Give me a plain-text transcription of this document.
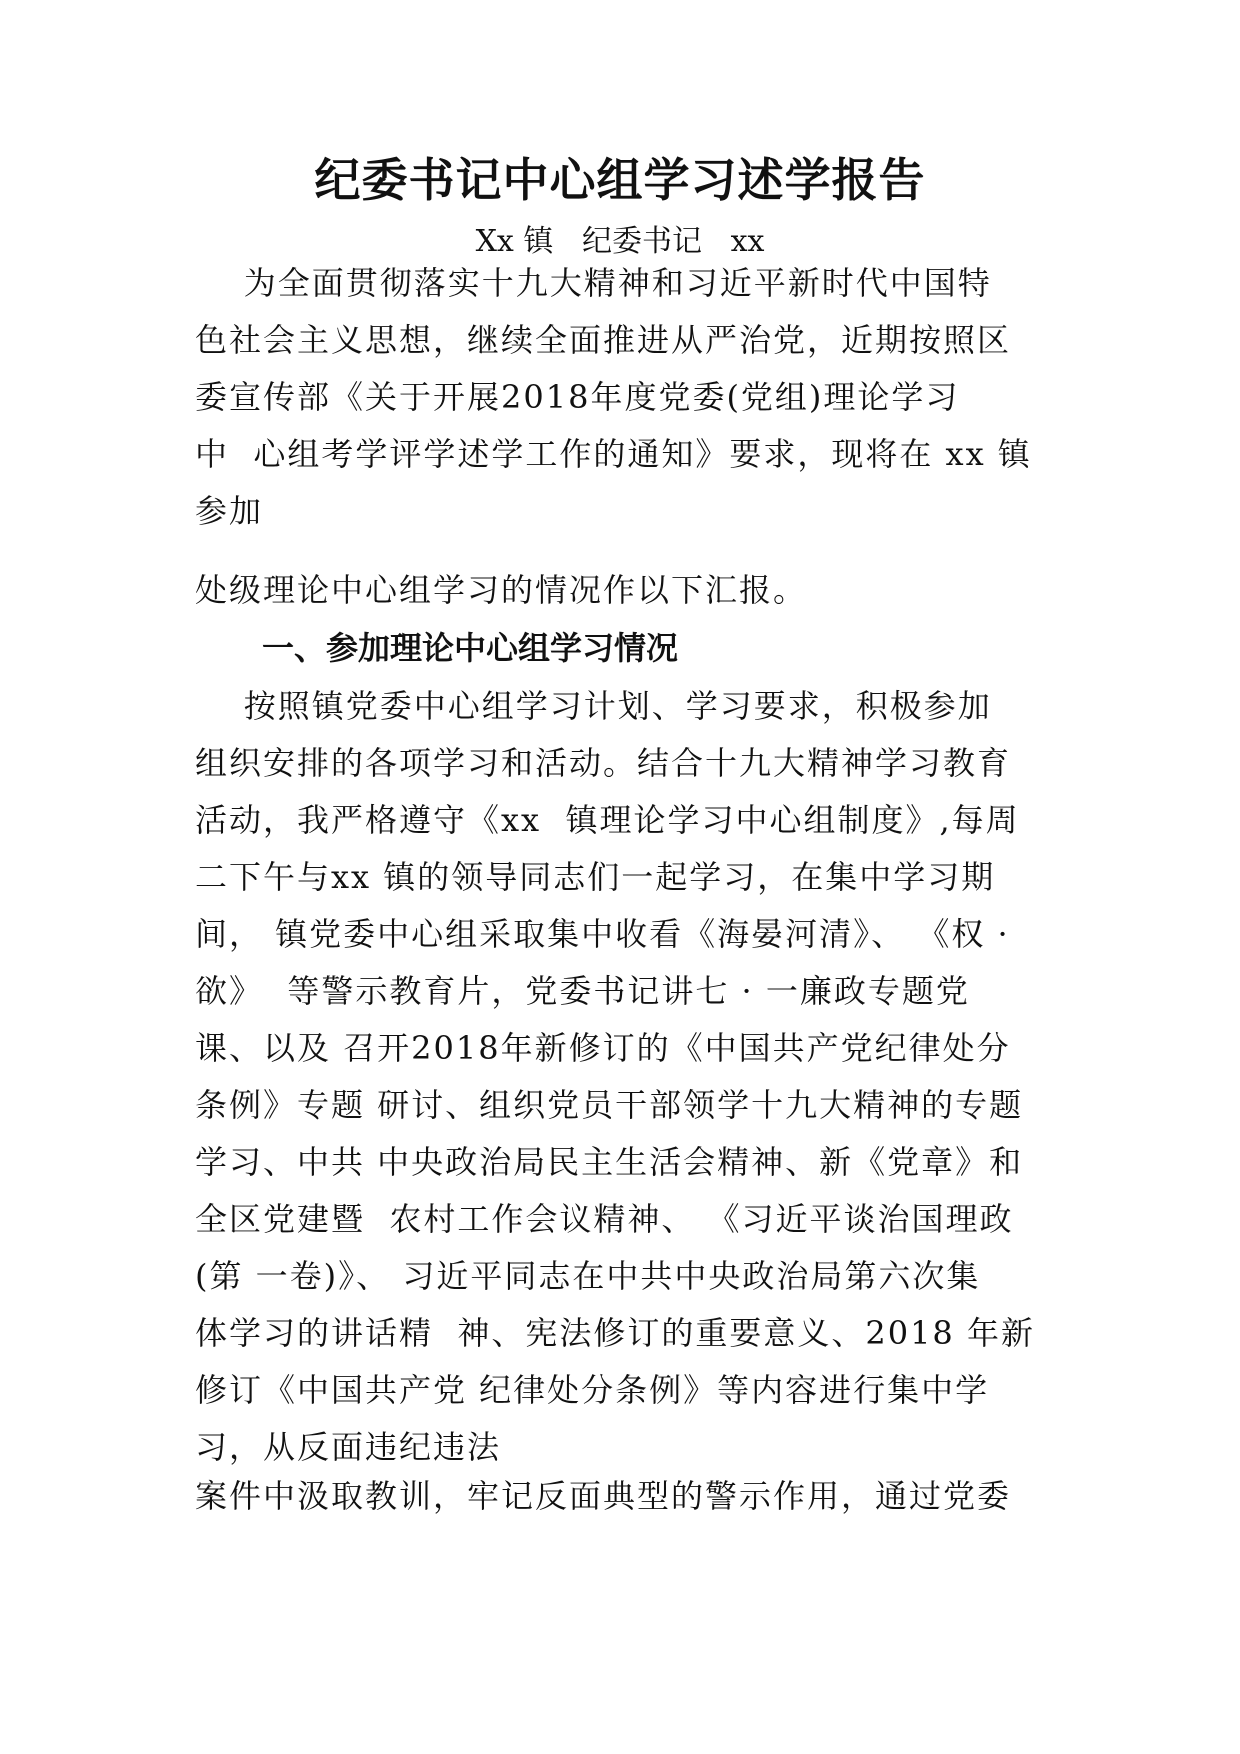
纪委书记中心组学习述学报告
Xx 镇   纪委书记   xx
为全面贯彻落实十九大精神和习近平新时代中国特
色社会主义思想，继续全面推进从严治党，近期按照区
委宣传部《关于开展2018年度党委(党组)理论学习
中  心组考学评学述学工作的通知》要求，现将在 xx 镇
参加
处级理论中心组学习的情况作以下汇报。
一、参加理论中心组学习情况
按照镇党委中心组学习计划、学习要求，积极参加
组织安排的各项学习和活动。结合十九大精神学习教育
活动，我严格遵守《xx  镇理论学习中心组制度》,每周
二下午与xx 镇的领导同志们一起学习，在集中学习期
间， 镇党委中心组采取集中收看《海晏河清》、 《权 ·
欲》  等警示教育片，党委书记讲七 · 一廉政专题党
课、以及 召开2018年新修订的《中国共产党纪律处分
条例》专题 研讨、组织党员干部领学十九大精神的专题
学习、中共 中央政治局民主生活会精神、新《党章》和
全区党建暨  农村工作会议精神、 《习近平谈治国理政
(第 一卷)》、 习近平同志在中共中央政治局第六次集
体学习的讲话精  神、宪法修订的重要意义、2018 年新
修订《中国共产党 纪律处分条例》等内容进行集中学
习，从反面违纪违法
案件中汲取教训，牢记反面典型的警示作用，通过党委
